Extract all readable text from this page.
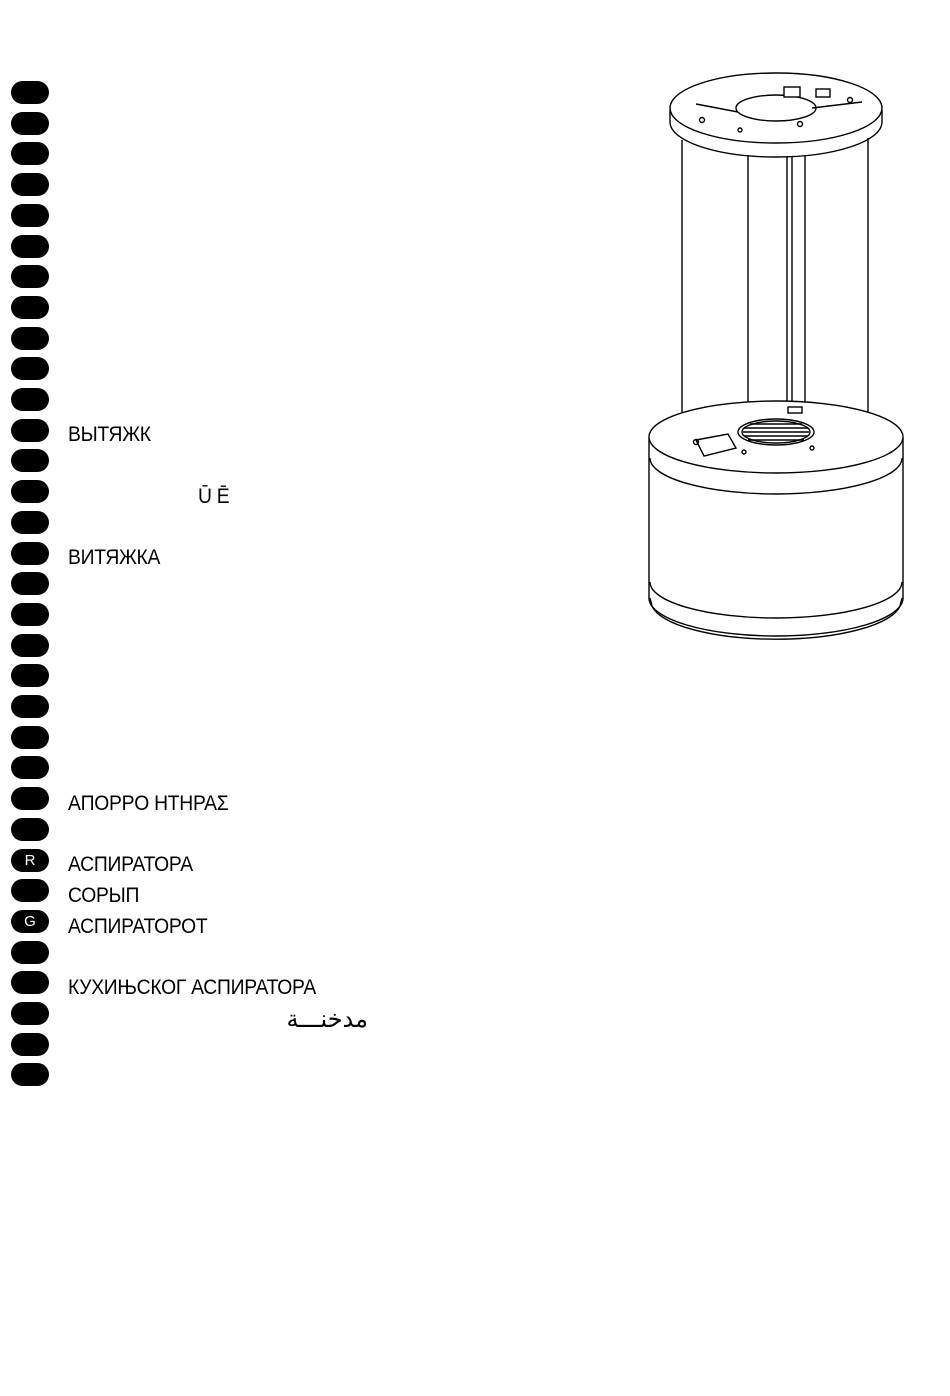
R
G
ВЫТЯЖК
Ū Ē
ВИТЯЖКА
ΑΠΟΡΡΟ ΗΤΗΡΑΣ
АСПИРАТОРА
СОРЫП
АСПИРАТОРОТ
КУХИЊСКОГ АСПИРАТОРА
مدخنـــة
